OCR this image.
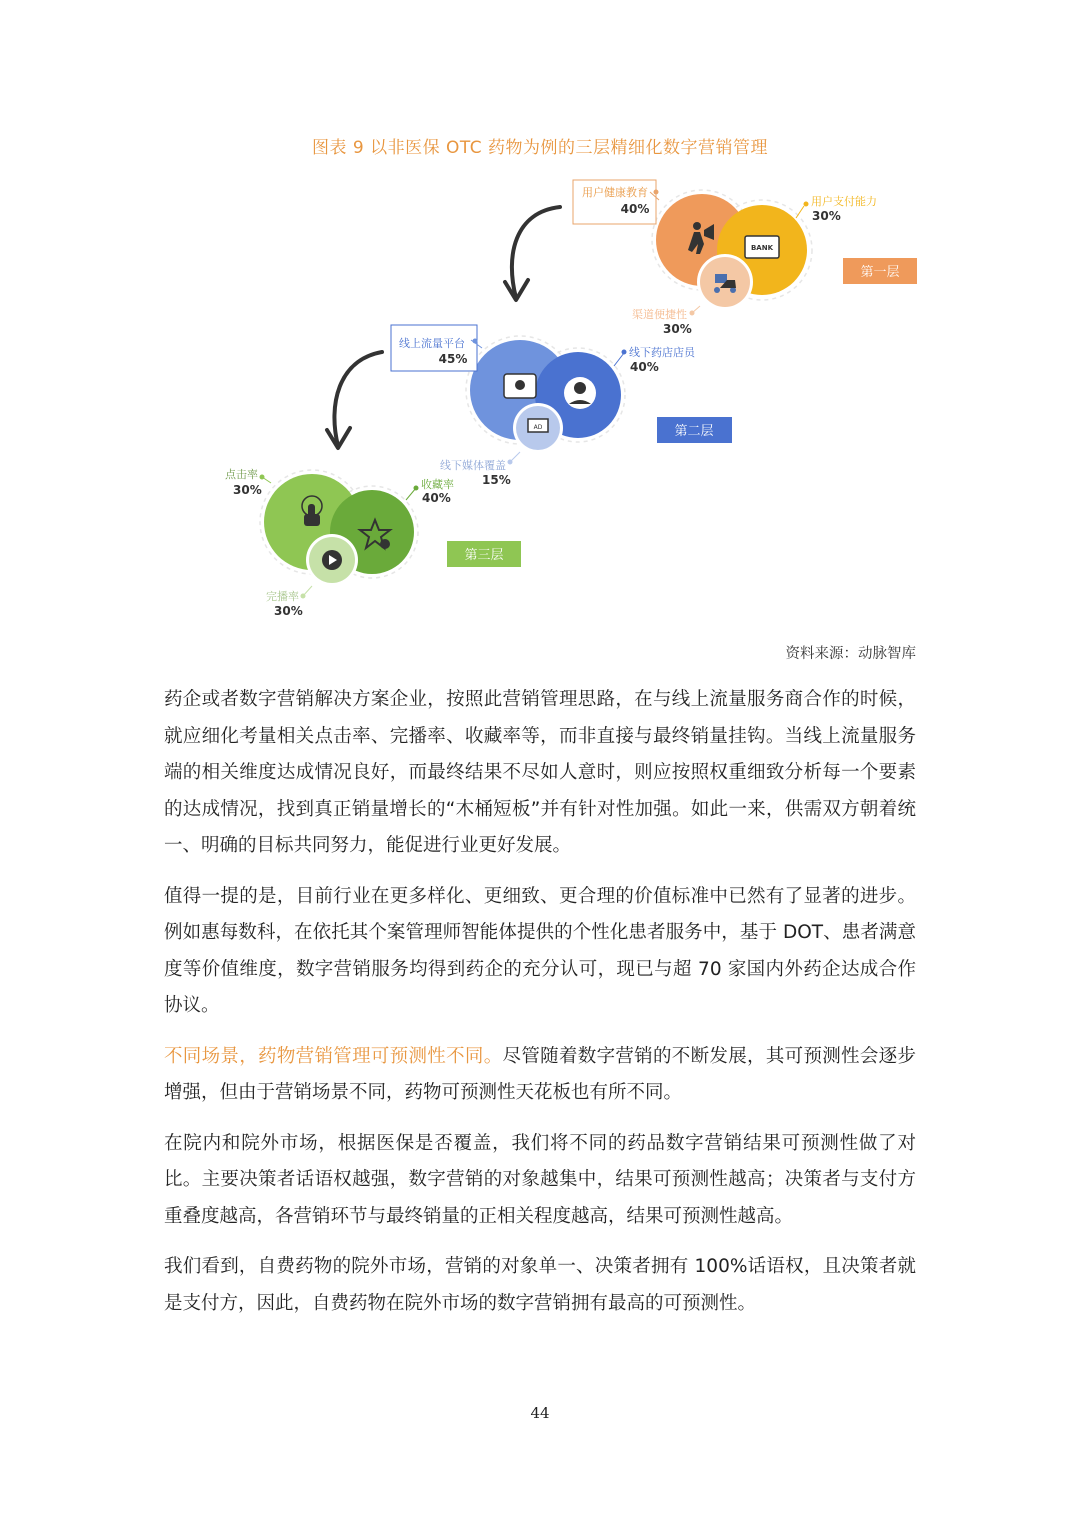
图表 9 以非医保 OTC 药物为例的三层精细化数字营销管理
BANK
用户健康教育
40%
用户支付能力
30%
渠道便捷性
30%
第一层
AD
线上流量平台
45%	线下药店店员
40%
线下媒体覆盖
15%
第二层
点击率
30%	收藏率
40%
完播率
30%
第三层
资料来源：动脉智库

药企或者数字营销解决方案企业，按照此营销管理思路，在与线上流量服务商合作的时候，就应细化考量相关点击率、完播率、收藏率等，而非直接与最终销量挂钩。当线上流量服务端的相关维度达成情况良好，而最终结果不尽如人意时，则应按照权重细致分析每一个要素的达成情况，找到真正销量增长的“木桶短板”并有针对性加强。如此一来，供需双方朝着统一、明确的目标共同努力，能促进行业更好发展。

值得一提的是，目前行业在更多样化、更细致、更合理的价值标准中已然有了显著的进步。例如惠每数科，在依托其个案管理师智能体提供的个性化患者服务中，基于 DOT、患者满意度等价值维度，数字营销服务均得到药企的充分认可，现已与超 70 家国内外药企达成合作协议。

不同场景，药物营销管理可预测性不同。尽管随着数字营销的不断发展，其可预测性会逐步增强，但由于营销场景不同，药物可预测性天花板也有所不同。

在院内和院外市场，根据医保是否覆盖，我们将不同的药品数字营销结果可预测性做了对比。主要决策者话语权越强，数字营销的对象越集中，结果可预测性越高；决策者与支付方重叠度越高，各营销环节与最终销量的正相关程度越高，结果可预测性越高。

我们看到，自费药物的院外市场，营销的对象单一、决策者拥有 100%话语权，且决策者就是支付方，因此，自费药物在院外市场的数字营销拥有最高的可预测性。

44
